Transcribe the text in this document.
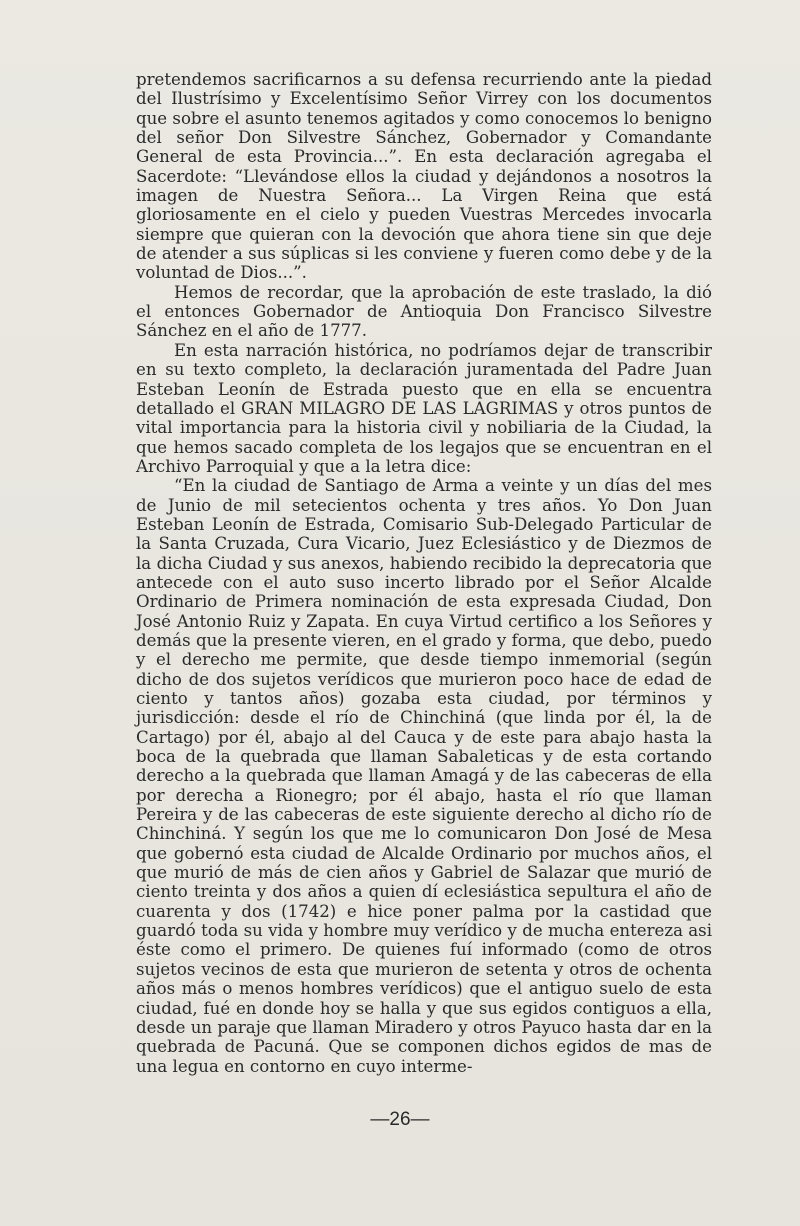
pretendemos sacrificarnos a su defensa recurriendo ante la piedad del Ilustrísimo y Excelentísimo Señor Virrey con los documentos que sobre el asunto tenemos agitados y como conocemos lo benigno del señor Don Silvestre Sánchez, Gobernador y Comandante General de esta Provincia...”. En esta declaración agregaba el Sacerdote: “Llevándose ellos la ciudad y dejándonos a nosotros la imagen de Nuestra Señora... La Virgen Reina que está gloriosamente en el cielo y pueden Vuestras Mercedes invocarla siempre que quieran con la devoción que ahora tiene sin que deje de atender a sus súplicas si les conviene y fueren como debe y de la voluntad de Dios...”.

Hemos de recordar, que la aprobación de este traslado, la dió el entonces Gobernador de Antioquia Don Francisco Silvestre Sánchez en el año de 1777.

En esta narración histórica, no podríamos dejar de transcribir en su texto completo, la declaración juramentada del Padre Juan Esteban Leonín de Estrada puesto que en ella se encuentra detallado el GRAN MILAGRO DE LAS LAGRIMAS y otros puntos de vital importancia para la historia civil y nobiliaria de la Ciudad, la que hemos sacado completa de los legajos que se encuentran en el Archivo Parroquial y que a la letra dice:

“En la ciudad de Santiago de Arma a veinte y un días del mes de Junio de mil setecientos ochenta y tres años. Yo Don Juan Esteban Leonín de Estrada, Comisario Sub-Delegado Particular de la Santa Cruzada, Cura Vicario, Juez Eclesiástico y de Diezmos de la dicha Ciudad y sus anexos, habiendo recibido la deprecatoria que antecede con el auto suso incerto librado por el Señor Alcalde Ordinario de Primera nominación de esta expresada Ciudad, Don José Antonio Ruiz y Zapata. En cuya Virtud certifico a los Señores y demás que la presente vieren, en el grado y forma, que debo, puedo y el derecho me permite, que desde tiempo inmemorial (según dicho de dos sujetos verídicos que murieron poco hace de edad de ciento y tantos años) gozaba esta ciudad, por términos y jurisdicción: desde el río de Chinchiná (que linda por él, la de Cartago) por él, abajo al del Cauca y de este para abajo hasta la boca de la quebrada que llaman Sabaleticas y de esta cortando derecho a la quebrada que llaman Amagá y de las cabeceras de ella por derecha a Rionegro; por él abajo, hasta el río que llaman Pereira y de las cabeceras de este siguiente derecho al dicho río de Chinchiná. Y según los que me lo comunicaron Don José de Mesa que gobernó esta ciudad de Alcalde Ordinario por muchos años, el que murió de más de cien años y Gabriel de Salazar que murió de ciento treinta y dos años a quien dí eclesiástica sepultura el año de cuarenta y dos (1742) e hice poner palma por la castidad que guardó toda su vida y hombre muy verídico y de mucha entereza asi éste como el primero. De quienes fuí informado (como de otros sujetos vecinos de esta que murieron de setenta y otros de ochenta años más o menos hombres verídicos) que el antiguo suelo de esta ciudad, fué en donde hoy se halla y que sus egidos contiguos a ella, desde un paraje que llaman Miradero y otros Payuco hasta dar en la quebrada de Pacuná. Que se componen dichos egidos de mas de una legua en contorno en cuyo interme-

—26—
